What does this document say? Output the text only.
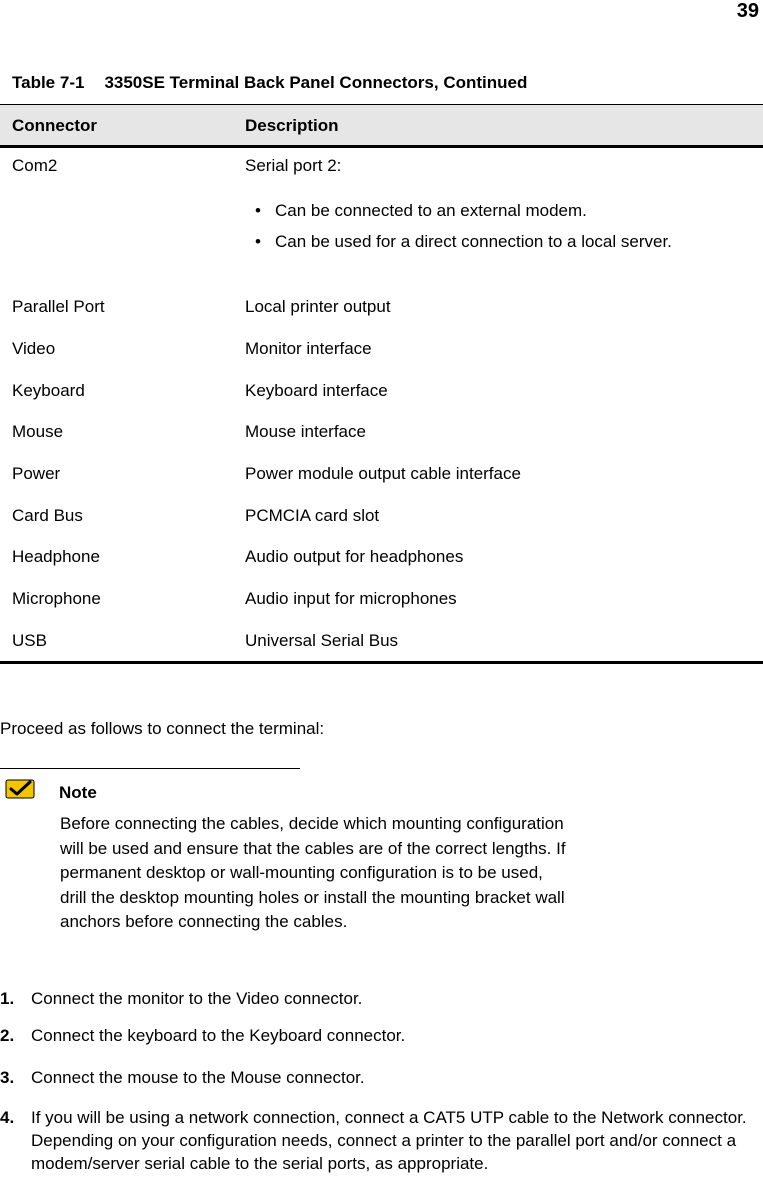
39
Table 7-1 3350SE Terminal Back Panel Connectors, Continued
Connector	Description
Com2	Serial port 2:
• Can be connected to an external modem.
• Can be used for a direct connection to a local server.
Parallel Port	Local printer output
Video	Monitor interface
Keyboard	Keyboard interface
Mouse	Mouse interface
Power	Power module output cable interface
Card Bus	PCMCIA card slot
Headphone	Audio output for headphones
Microphone	Audio input for microphones
USB	Universal Serial Bus
Proceed as follows to connect the terminal:
Note
Before connecting the cables, decide which mounting configuration will be used and ensure that the cables are of the correct lengths. If permanent desktop or wall-mounting configuration is to be used, drill the desktop mounting holes or install the mounting bracket wall anchors before connecting the cables.
1. Connect the monitor to the Video connector.
2. Connect the keyboard to the Keyboard connector.
3. Connect the mouse to the Mouse connector.
4. If you will be using a network connection, connect a CAT5 UTP cable to the Network connector. Depending on your configuration needs, connect a printer to the parallel port and/or connect a modem/server serial cable to the serial ports, as appropriate.
